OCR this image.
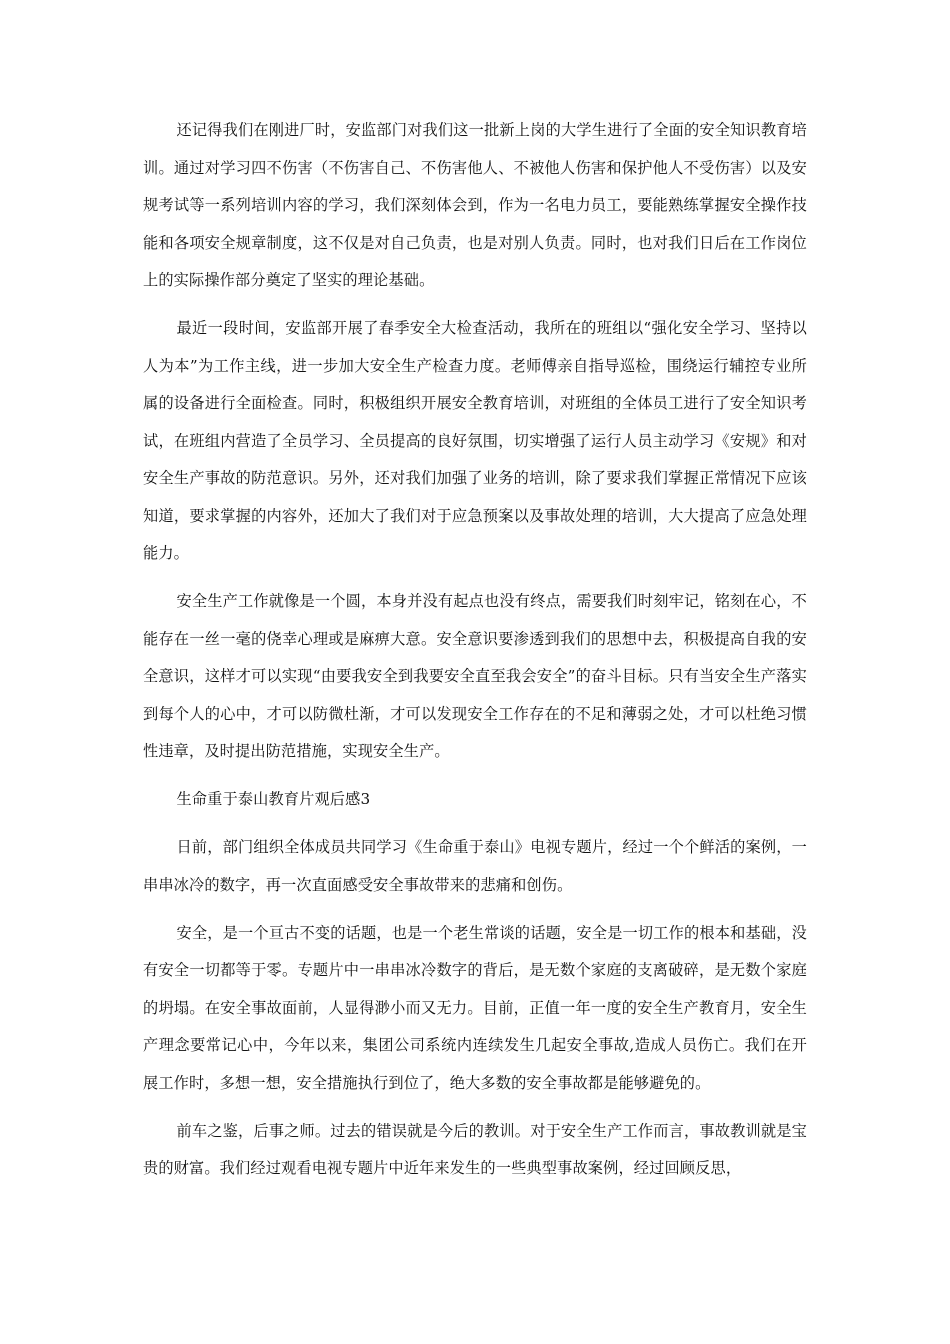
还记得我们在刚进厂时，安监部门对我们这一批新上岗的大学生进行了全面的安全知识教育培训。通过对学习四不伤害（不伤害自己、不伤害他人、不被他人伤害和保护他人不受伤害）以及安规考试等一系列培训内容的学习，我们深刻体会到，作为一名电力员工，要能熟练掌握安全操作技能和各项安全规章制度，这不仅是对自己负责，也是对别人负责。同时，也对我们日后在工作岗位上的实际操作部分奠定了坚实的理论基础。

最近一段时间，安监部开展了春季安全大检查活动，我所在的班组以“强化安全学习、坚持以人为本”为工作主线，进一步加大安全生产检查力度。老师傅亲自指导巡检，围绕运行辅控专业所属的设备进行全面检查。同时，积极组织开展安全教育培训，对班组的全体员工进行了安全知识考试，在班组内营造了全员学习、全员提高的良好氛围，切实增强了运行人员主动学习《安规》和对安全生产事故的防范意识。另外，还对我们加强了业务的培训，除了要求我们掌握正常情况下应该知道，要求掌握的内容外，还加大了我们对于应急预案以及事故处理的培训，大大提高了应急处理能力。

安全生产工作就像是一个圆，本身并没有起点也没有终点，需要我们时刻牢记，铭刻在心，不能存在一丝一毫的侥幸心理或是麻痹大意。安全意识要渗透到我们的思想中去，积极提高自我的安全意识，这样才可以实现“由要我安全到我要安全直至我会安全”的奋斗目标。只有当安全生产落实到每个人的心中，才可以防微杜渐，才可以发现安全工作存在的不足和薄弱之处，才可以杜绝习惯性违章，及时提出防范措施，实现安全生产。

生命重于泰山教育片观后感3

日前，部门组织全体成员共同学习《生命重于泰山》电视专题片，经过一个个鲜活的案例，一串串冰冷的数字，再一次直面感受安全事故带来的悲痛和创伤。

安全，是一个亘古不变的话题，也是一个老生常谈的话题，安全是一切工作的根本和基础，没有安全一切都等于零。专题片中一串串冰冷数字的背后，是无数个家庭的支离破碎，是无数个家庭的坍塌。在安全事故面前，人显得渺小而又无力。目前，正值一年一度的安全生产教育月，安全生产理念要常记心中，今年以来，集团公司系统内连续发生几起安全事故,造成人员伤亡。我们在开展工作时，多想一想，安全措施执行到位了，绝大多数的安全事故都是能够避免的。

前车之鉴，后事之师。过去的错误就是今后的教训。对于安全生产工作而言，事故教训就是宝贵的财富。我们经过观看电视专题片中近年来发生的一些典型事故案例，经过回顾反思，
